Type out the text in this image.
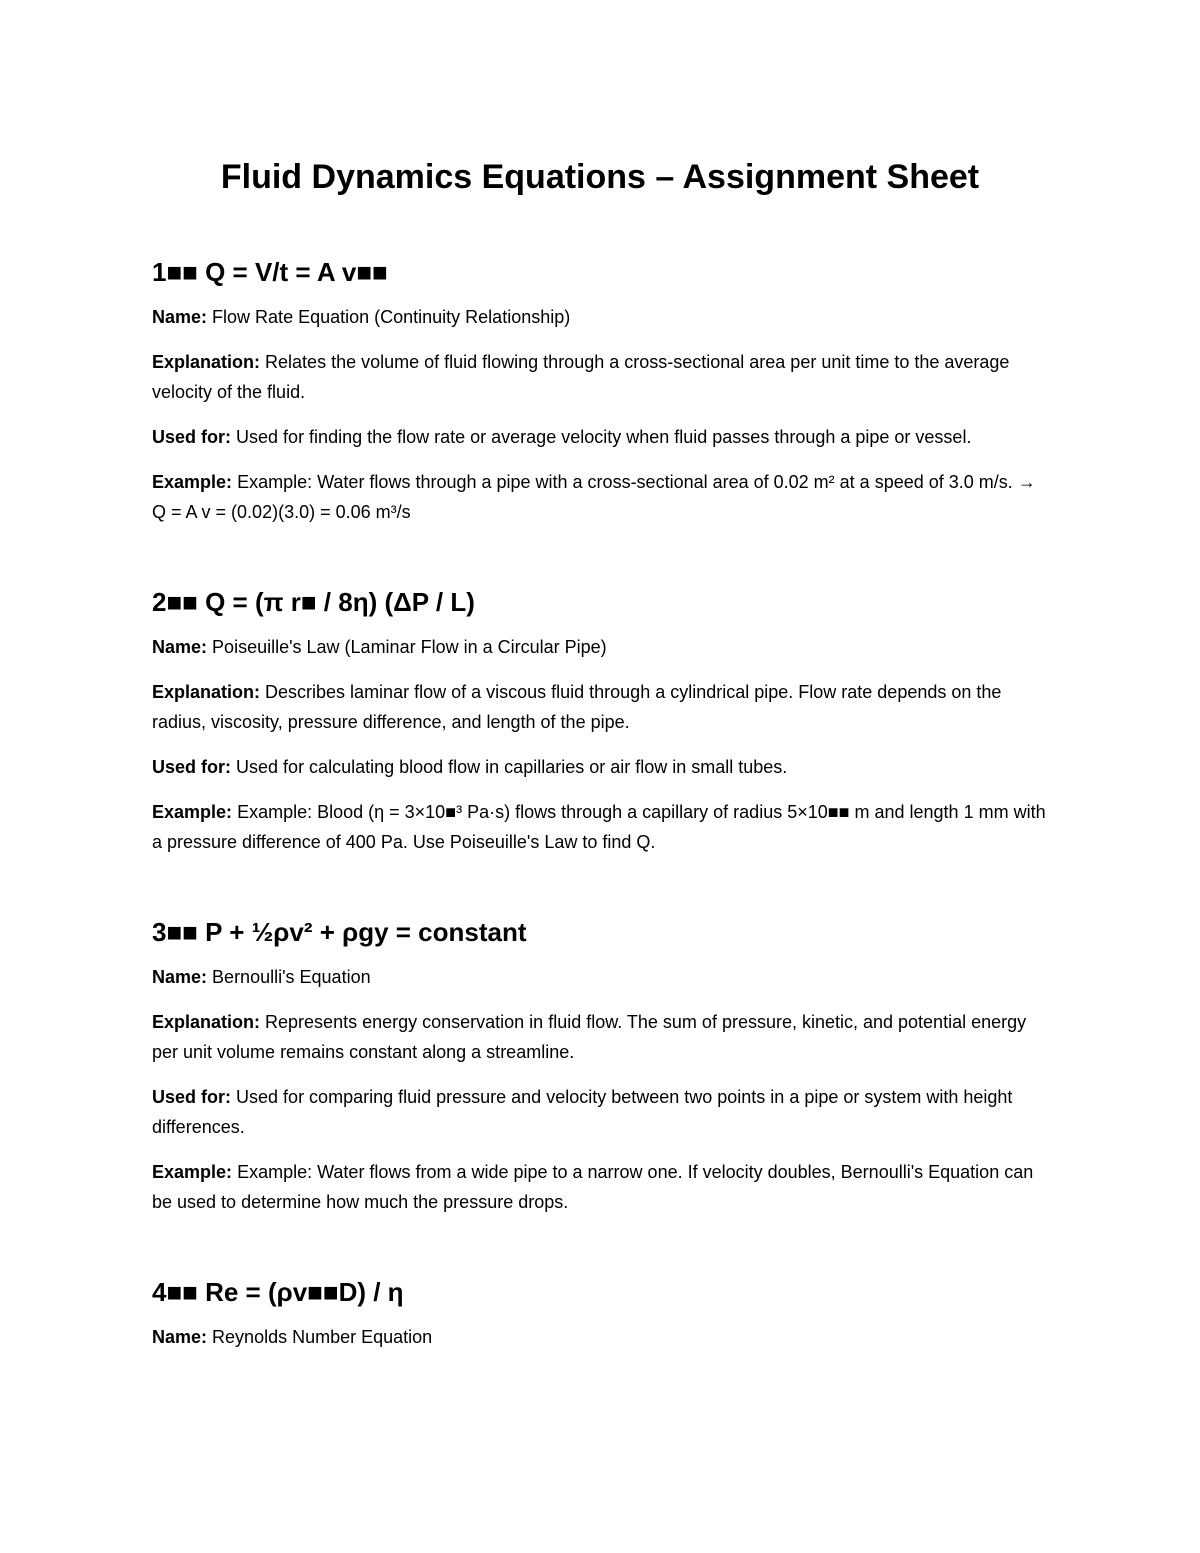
Fluid Dynamics Equations – Assignment Sheet
1■■ Q = V/t = A v■■

Name: Flow Rate Equation (Continuity Relationship)

Explanation: Relates the volume of fluid flowing through a cross-sectional area per unit time to the average velocity of the fluid.

Used for: Used for finding the flow rate or average velocity when fluid passes through a pipe or vessel.

Example: Example: Water flows through a pipe with a cross-sectional area of 0.02 m² at a speed of 3.0 m/s. → Q = A v = (0.02)(3.0) = 0.06 m³/s

2■■ Q = (π r■ / 8η) (ΔP / L)

Name: Poiseuille's Law (Laminar Flow in a Circular Pipe)

Explanation: Describes laminar flow of a viscous fluid through a cylindrical pipe. Flow rate depends on the radius, viscosity, pressure difference, and length of the pipe.

Used for: Used for calculating blood flow in capillaries or air flow in small tubes.

Example: Example: Blood (η = 3×10■³ Pa·s) flows through a capillary of radius 5×10■■ m and length 1 mm with a pressure difference of 400 Pa. Use Poiseuille's Law to find Q.

3■■ P + ½ρv² + ρgy = constant

Name: Bernoulli's Equation

Explanation: Represents energy conservation in fluid flow. The sum of pressure, kinetic, and potential energy per unit volume remains constant along a streamline.

Used for: Used for comparing fluid pressure and velocity between two points in a pipe or system with height differences.

Example: Example: Water flows from a wide pipe to a narrow one. If velocity doubles, Bernoulli's Equation can be used to determine how much the pressure drops.

4■■ Re = (ρv■■D) / η

Name: Reynolds Number Equation
